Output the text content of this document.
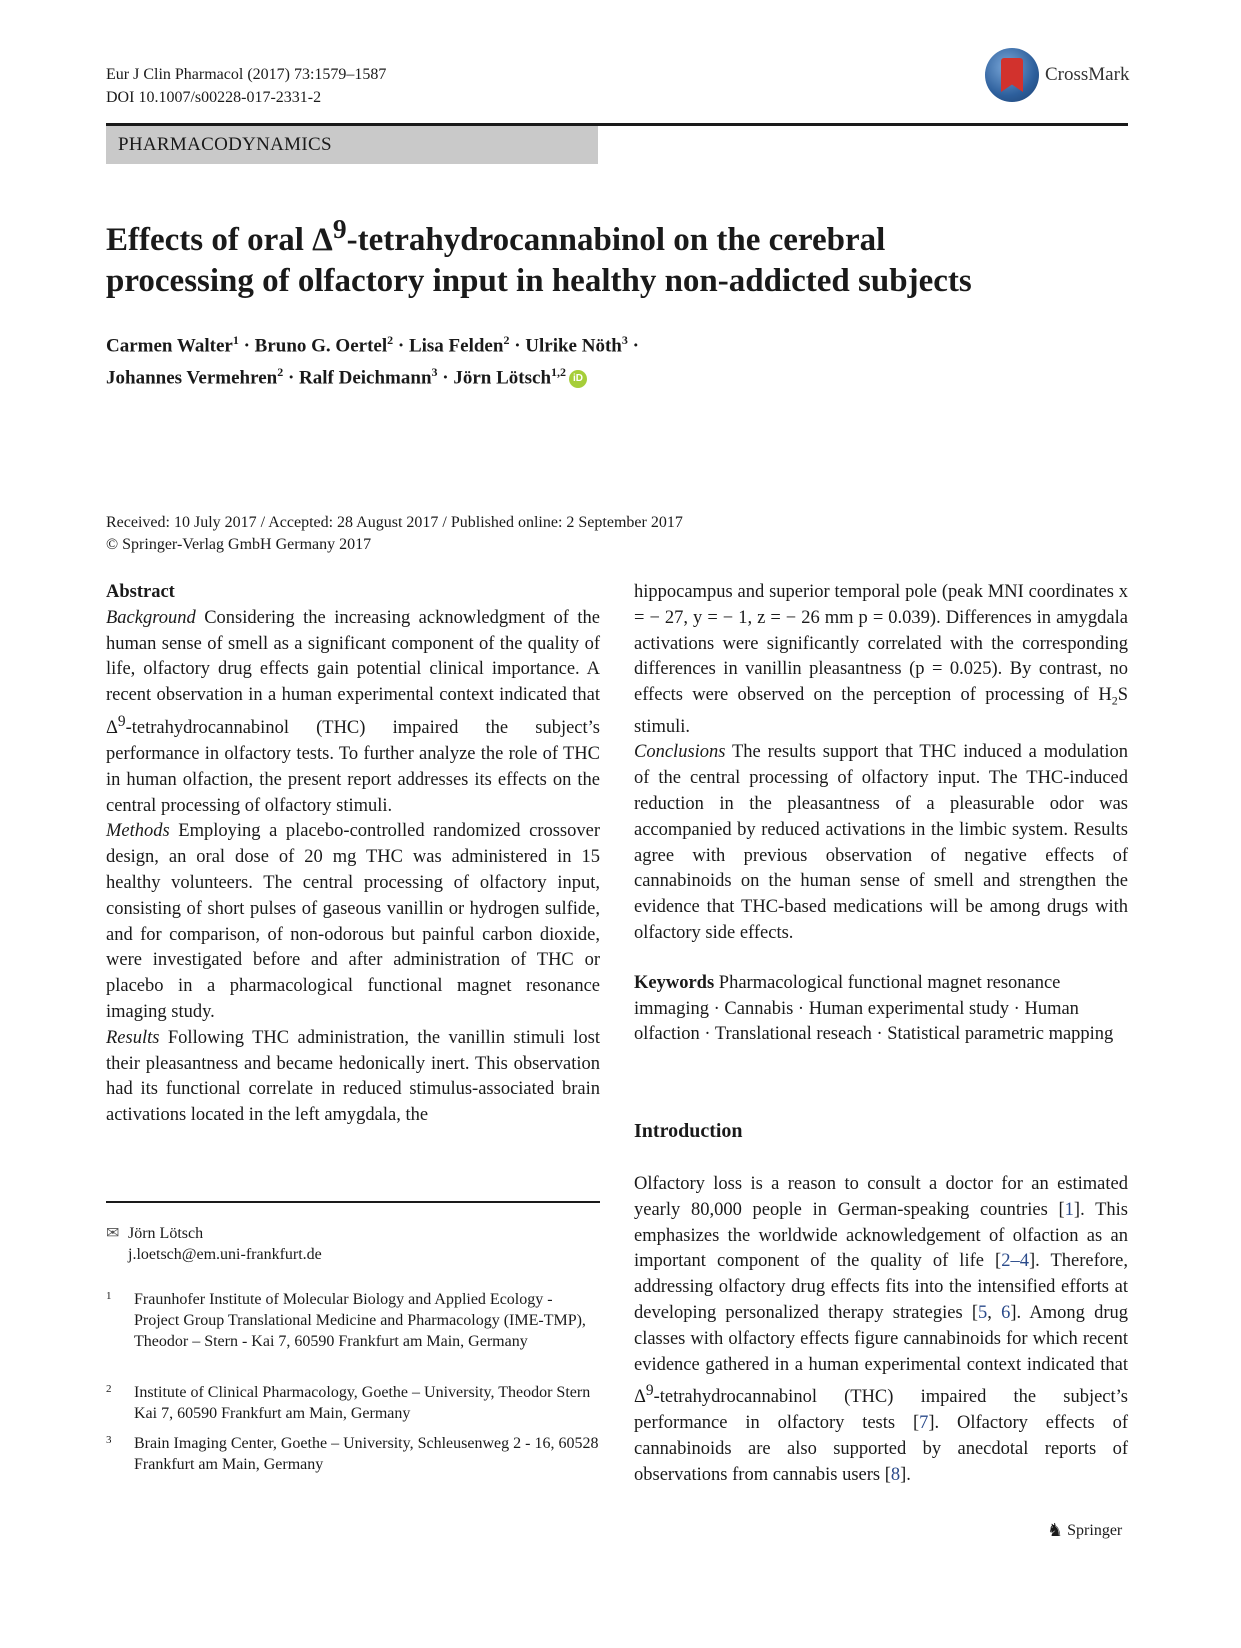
Eur J Clin Pharmacol (2017) 73:1579–1587
DOI 10.1007/s00228-017-2331-2
CrossMark
PHARMACODYNAMICS
Effects of oral $\Delta^9$-tetrahydrocannabinol on the cerebral
processing of olfactory input in healthy non-addicted subjects
Carmen Walter$^1$ · Bruno G. Oertel$^2$ · Lisa Felden$^2$ · Ulrike Nöth$^3$ ·
Johannes Vermehren$^2$ · Ralf Deichmann$^3$ · Jörn Lötsch$^{1,2}$ iD
Received: 10 July 2017 / Accepted: 28 August 2017 / Published online: 2 September 2017
© Springer-Verlag GmbH Germany 2017

Abstract

Background Considering the increasing acknowledgment of the human sense of smell as a significant component of the quality of life, olfactory drug effects gain potential clinical importance. A recent observation in a human experimental context indicated that $\Delta^9$-tetrahydrocannabinol (THC) impaired the subject’s performance in olfactory tests. To further analyze the role of THC in human olfaction, the present report addresses its effects on the central processing of olfactory stimuli.

Methods Employing a placebo-controlled randomized crossover design, an oral dose of 20 mg THC was administered in 15 healthy volunteers. The central processing of olfactory input, consisting of short pulses of gaseous vanillin or hydrogen sulfide, and for comparison, of non-odorous but painful carbon dioxide, were investigated before and after administration of THC or placebo in a pharmacological functional magnet resonance imaging study.

Results Following THC administration, the vanillin stimuli lost their pleasantness and became hedonically inert. This observation had its functional correlate in reduced stimulus-associated brain activations located in the left amygdala, the

✉ Jörn Lötsch
j.loetsch@em.uni-frankfurt.de
1 Fraunhofer Institute of Molecular Biology and Applied Ecology - Project Group Translational Medicine and Pharmacology (IME-TMP), Theodor – Stern - Kai 7, 60590 Frankfurt am Main, Germany
2 Institute of Clinical Pharmacology, Goethe – University, Theodor Stern Kai 7, 60590 Frankfurt am Main, Germany
3 Brain Imaging Center, Goethe – University, Schleusenweg 2 - 16, 60528 Frankfurt am Main, Germany

hippocampus and superior temporal pole (peak MNI coordinates x = − 27, y = − 1, z = − 26 mm p = 0.039). Differences in amygdala activations were significantly correlated with the corresponding differences in vanillin pleasantness (p = 0.025). By contrast, no effects were observed on the perception of processing of $H_2S$ stimuli.

Conclusions The results support that THC induced a modulation of the central processing of olfactory input. The THC-induced reduction in the pleasantness of a pleasurable odor was accompanied by reduced activations in the limbic system. Results agree with previous observation of negative effects of cannabinoids on the human sense of smell and strengthen the evidence that THC-based medications will be among drugs with olfactory side effects.

Keywords Pharmacological functional magnet resonance immaging · Cannabis · Human experimental study · Human olfaction · Translational reseach · Statistical parametric mapping

Introduction
Olfactory loss is a reason to consult a doctor for an estimated yearly 80,000 people in German-speaking countries [1]. This emphasizes the worldwide acknowledgement of olfaction as an important component of the quality of life [2–4]. Therefore, addressing olfactory drug effects fits into the intensified efforts at developing personalized therapy strategies [5, 6]. Among drug classes with olfactory effects figure cannabinoids for which recent evidence gathered in a human experimental context indicated that $\Delta^9$-tetrahydrocannabinol (THC) impaired the subject’s performance in olfactory tests [7]. Olfactory effects of cannabinoids are also supported by anecdotal reports of observations from cannabis users [8].
♞ Springer
